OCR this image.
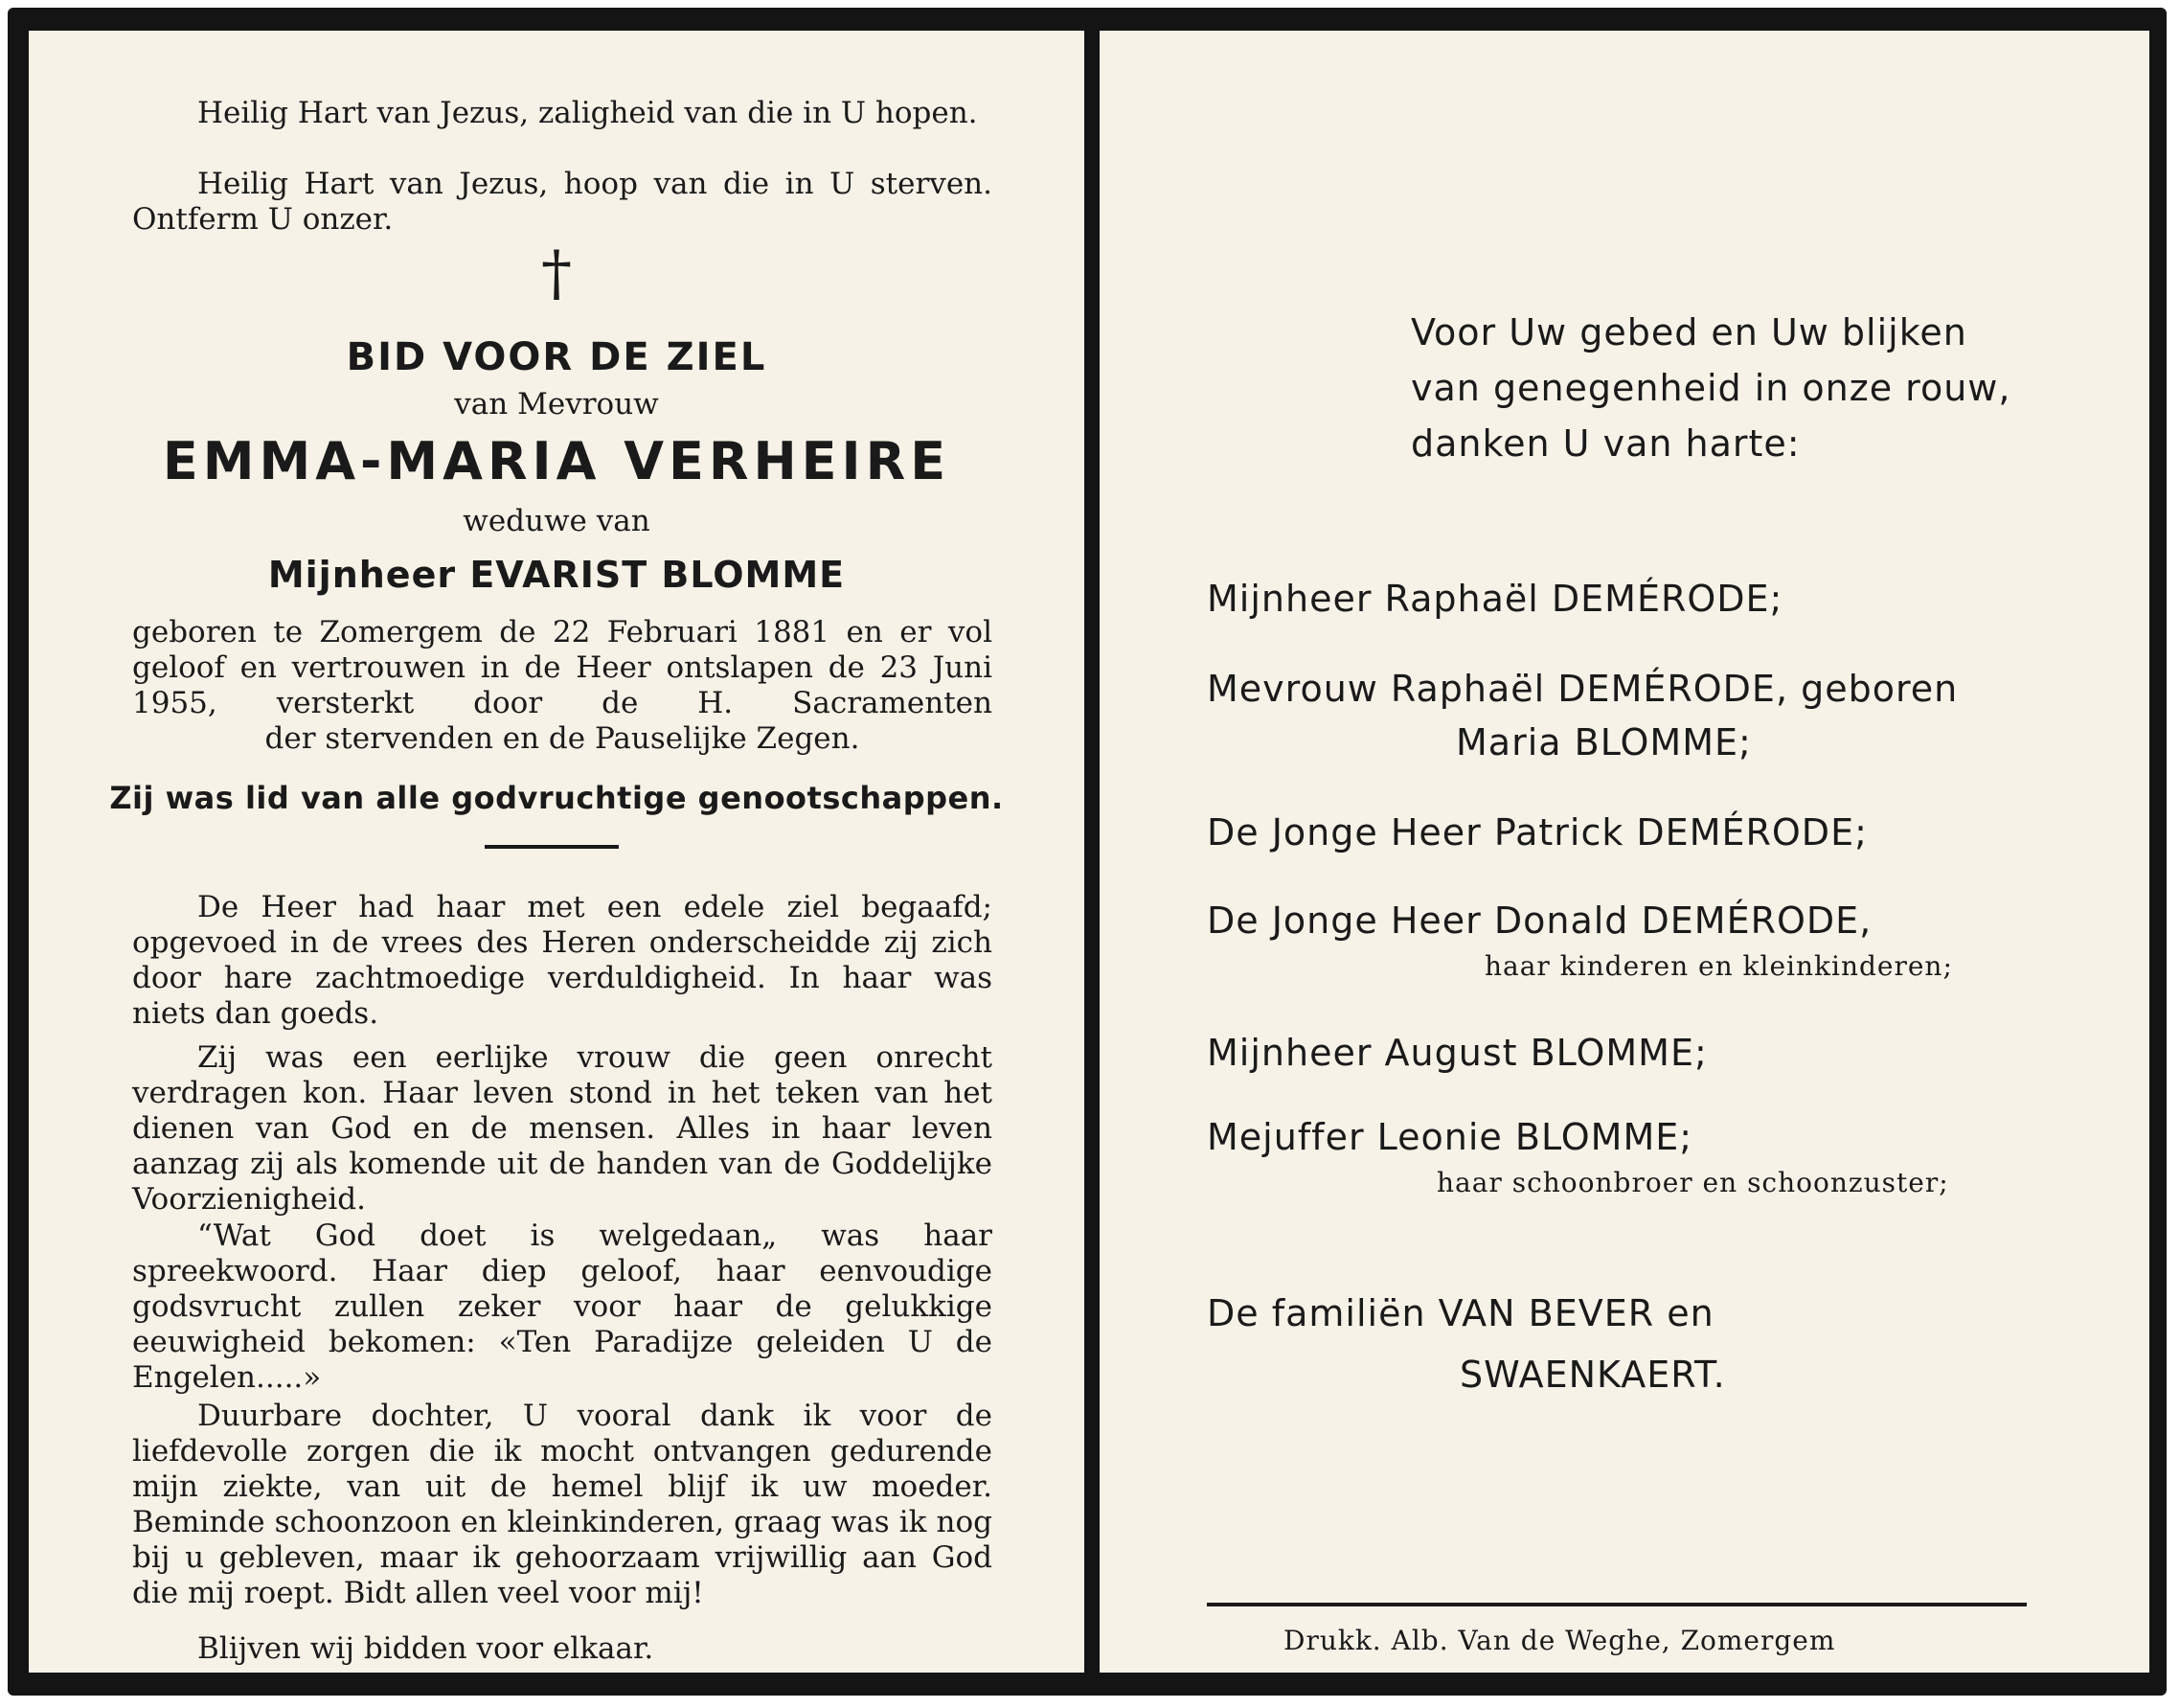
Heilig Hart van Jezus, zaligheid van die in U hopen.
Heilig Hart van Jezus, hoop van die in U sterven. Ontferm U onzer.
†
BID VOOR DE ZIEL
van Mevrouw
EMMA-MARIA VERHEIRE
weduwe van
Mijnheer EVARIST BLOMME
geboren te Zomergem de 22 Februari 1881 en er vol geloof en vertrouwen in de Heer ontslapen de 23 Juni 1955, versterkt door de H. Sacramenten
der stervenden en de Pauselijke Zegen.
Zij was lid van alle godvruchtige genootschappen.
De Heer had haar met een edele ziel begaafd; opgevoed in de vrees des Heren onderscheidde zij zich door hare zachtmoedige verduldigheid. In haar was niets dan goeds.
Zij was een eerlijke vrouw die geen onrecht verdragen kon. Haar leven stond in het teken van het dienen van God en de mensen. Alles in haar leven aanzag zij als komende uit de handen van de Goddelijke Voorzienigheid.
“Wat God doet is welgedaan„ was haar spreekwoord. Haar diep geloof, haar eenvoudige godsvrucht zullen zeker voor haar de gelukkige eeuwigheid bekomen: «Ten Paradijze geleiden U de Engelen.....»
Duurbare dochter, U vooral dank ik voor de liefdevolle zorgen die ik mocht ontvangen gedurende mijn ziekte, van uit de hemel blijf ik uw moeder. Beminde schoonzoon en kleinkinderen, graag was ik nog bij u gebleven, maar ik gehoorzaam vrijwillig aan God die mij roept. Bidt allen veel voor mij!
Blijven wij bidden voor elkaar.
Voor Uw gebed en Uw blijken
van genegenheid in onze rouw,
danken U van harte:
Mijnheer Raphaël DEMÉRODE;
Mevrouw Raphaël DEMÉRODE, geboren
Maria BLOMME;
De Jonge Heer Patrick DEMÉRODE;
De Jonge Heer Donald DEMÉRODE,
haar kinderen en kleinkinderen;
Mijnheer August BLOMME;
Mejuffer Leonie BLOMME;
haar schoonbroer en schoonzuster;
De familiën VAN BEVER en
SWAENKAERT.
Drukk. Alb. Van de Weghe, Zomergem
